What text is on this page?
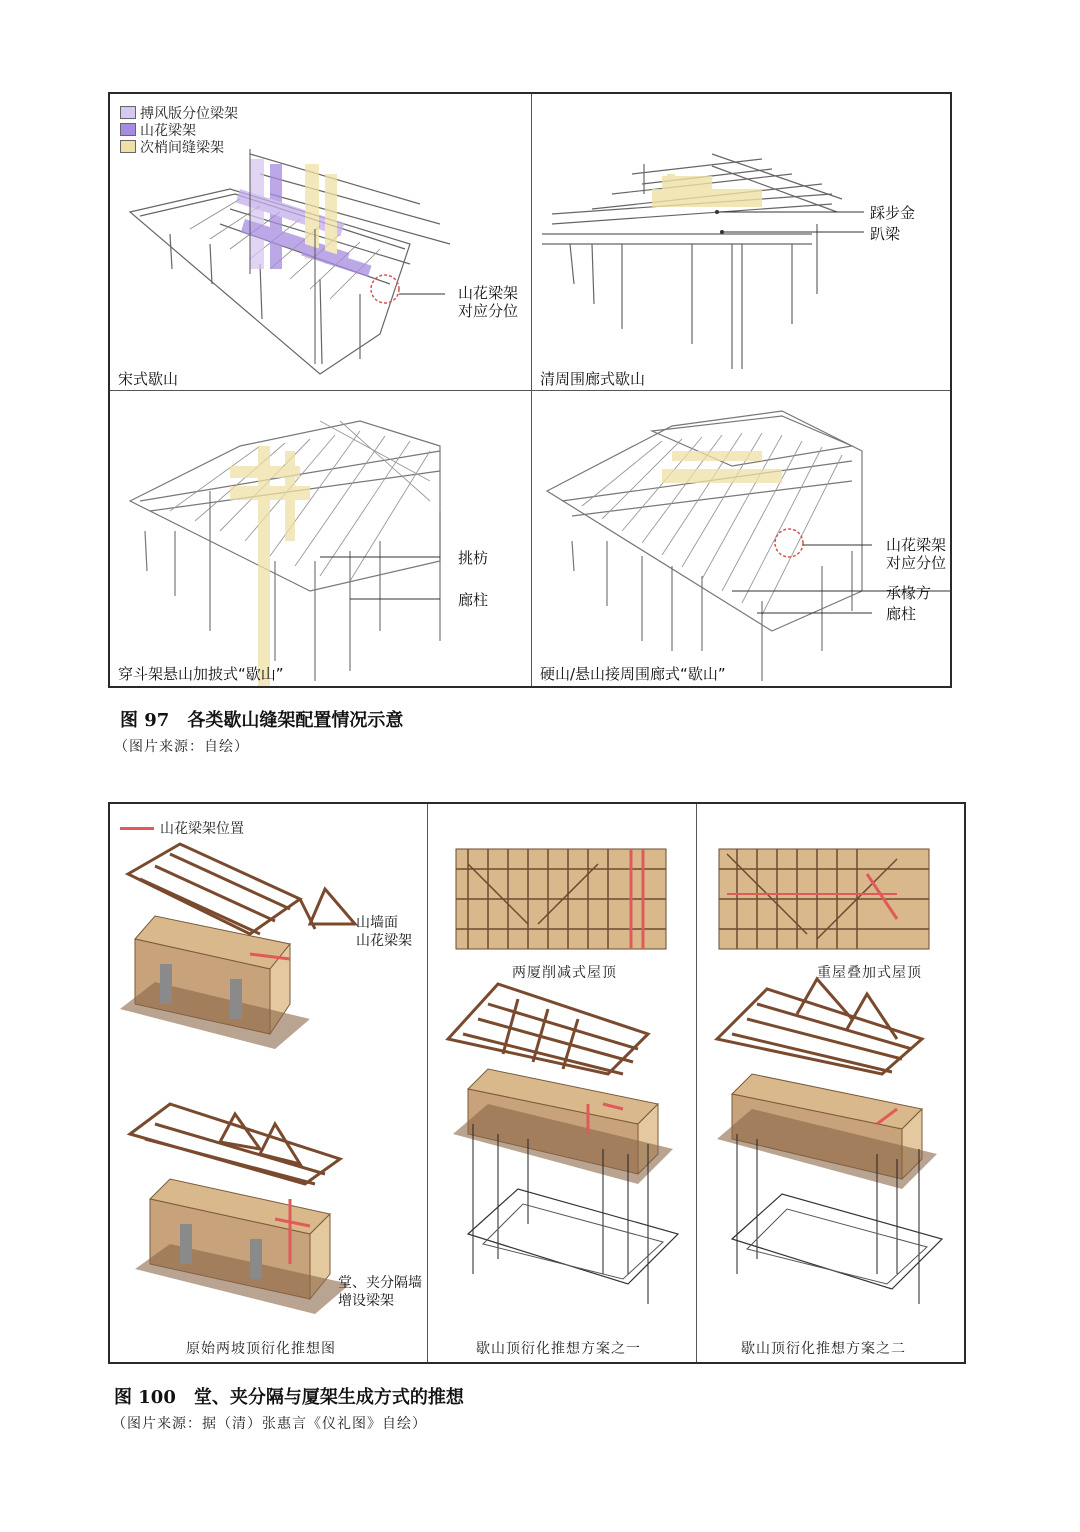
搏风版分位梁架
山花梁架
次梢间缝梁架
山花梁架
对应分位
宋式歇山
踩步金
趴梁
清周围廊式歇山
挑枋
廊柱
穿斗架悬山加披式“歇山”
承椽方
山花梁架
对应分位
廊柱
硬山/悬山接周围廊式“歇山”
图 97　各类歇山缝架配置情况示意
（图片来源：自绘）
山花梁架位置
山墙面
山花梁架
堂、夹分隔墙
增设梁架
原始两坡顶衍化推想图
两厦削减式屋顶
歇山顶衍化推想方案之一
重屋叠加式屋顶
歇山顶衍化推想方案之二
图 100　堂、夹分隔与厦架生成方式的推想
（图片来源：据（清）张惠言《仪礼图》自绘）
